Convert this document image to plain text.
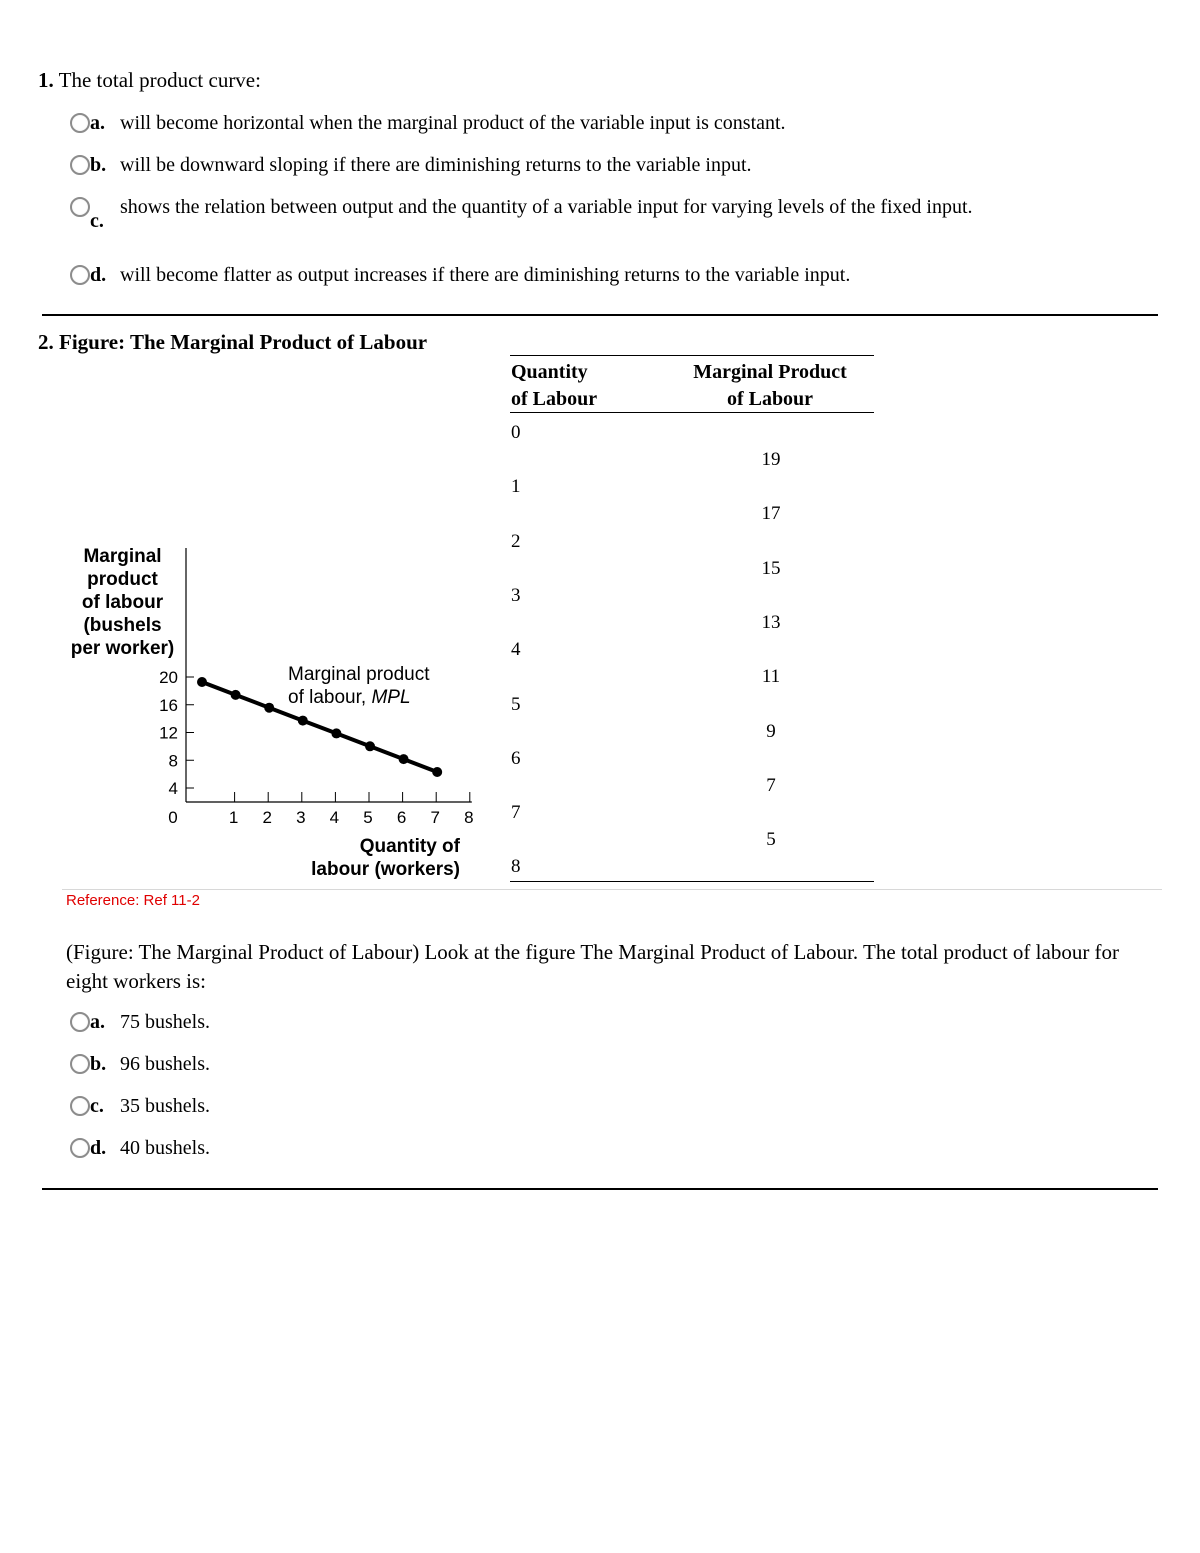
1. The total product curve:
a. will become horizontal when the marginal product of the variable input is constant.
b. will be downward sloping if there are diminishing returns to the variable input.
c.
shows the relation between output and the quantity of a variable input for varying levels of the fixed input.
d. will become flatter as output increases if there are diminishing returns to the variable input.
2. Figure: The Marginal Product of Labour
Quantity
of Labour
Marginal Product
of Labour
0
1
2
3
4
5
6
7
8
19
17
15
13
11
9
7
5
Marginal
product
of labour
(bushels
per worker)
0
20
16
12
8
4
1 2 3 4 5 6 7 8
Marginal product
of labour, MPL
Quantity of
labour (workers)
Reference: Ref 11-2
(Figure: The Marginal Product of Labour) Look at the figure The Marginal Product of Labour. The total product of labour for eight workers is:
a. 75 bushels.
b. 96 bushels.
c. 35 bushels.
d. 40 bushels.
